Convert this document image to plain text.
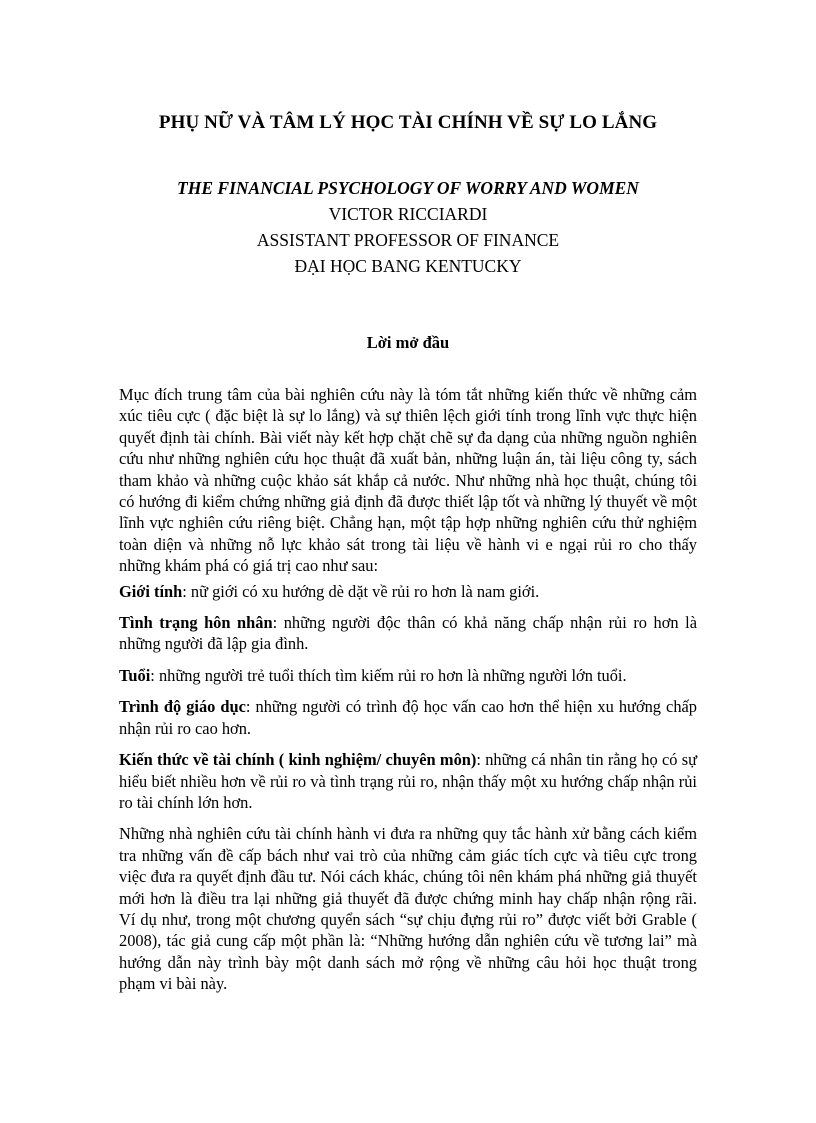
PHỤ NỮ VÀ TÂM LÝ HỌC TÀI CHÍNH VỀ SỰ LO LẮNG
THE FINANCIAL PSYCHOLOGY OF WORRY AND WOMEN
VICTOR RICCIARDI
ASSISTANT PROFESSOR OF FINANCE
ĐẠI HỌC BANG KENTUCKY
Lời mở đầu

Mục đích trung tâm của bài nghiên cứu này là tóm tắt những kiến thức về những cảm xúc tiêu cực ( đặc biệt là sự lo lắng) và sự thiên lệch giới tính trong lĩnh vực thực hiện quyết định tài chính. Bài viết này kết hợp chặt chẽ sự đa dạng của những nguồn nghiên cứu như những nghiên cứu học thuật đã xuất bản, những luận án, tài liệu công ty, sách tham khảo và những cuộc khảo sát khắp cả nước. Như những nhà học thuật, chúng tôi có hướng đi kiểm chứng những giả định đã được thiết lập tốt và những lý thuyết về một lĩnh vực nghiên cứu riêng biệt. Chẳng hạn, một tập hợp những nghiên cứu thử nghiệm toàn diện và những nỗ lực khảo sát trong tài liệu về hành vi e ngại rủi ro cho thấy những khám phá có giá trị cao như sau:

Giới tính: nữ giới có xu hướng dè dặt về rủi ro hơn là nam giới.

Tình trạng hôn nhân: những người độc thân có khả năng chấp nhận rủi ro hơn là những người đã lập gia đình.

Tuổi: những người trẻ tuổi thích tìm kiếm rủi ro hơn là những người lớn tuổi.

Trình độ giáo dục: những người có trình độ học vấn cao hơn thể hiện xu hướng chấp nhận rủi ro cao hơn.

Kiến thức về tài chính ( kinh nghiệm/ chuyên môn): những cá nhân tin rằng họ có sự hiểu biết nhiều hơn về rủi ro và tình trạng rủi ro, nhận thấy một xu hướng chấp nhận rủi ro tài chính lớn hơn.

Những nhà nghiên cứu tài chính hành vi đưa ra những quy tắc hành xử bằng cách kiểm tra những vấn đề cấp bách như vai trò của những cảm giác tích cực và tiêu cực trong việc đưa ra quyết định đầu tư. Nói cách khác, chúng tôi nên khám phá những giả thuyết mới hơn là điều tra lại những giả thuyết đã được chứng minh hay chấp nhận rộng rãi. Ví dụ như, trong một chương quyển sách “sự chịu đựng rủi ro” được viết bởi Grable ( 2008), tác giả cung cấp một phần là: “Những hướng dẫn nghiên cứu về tương lai” mà hướng dẫn này trình bày một danh sách mở rộng về những câu hỏi học thuật trong phạm vi bài này.
